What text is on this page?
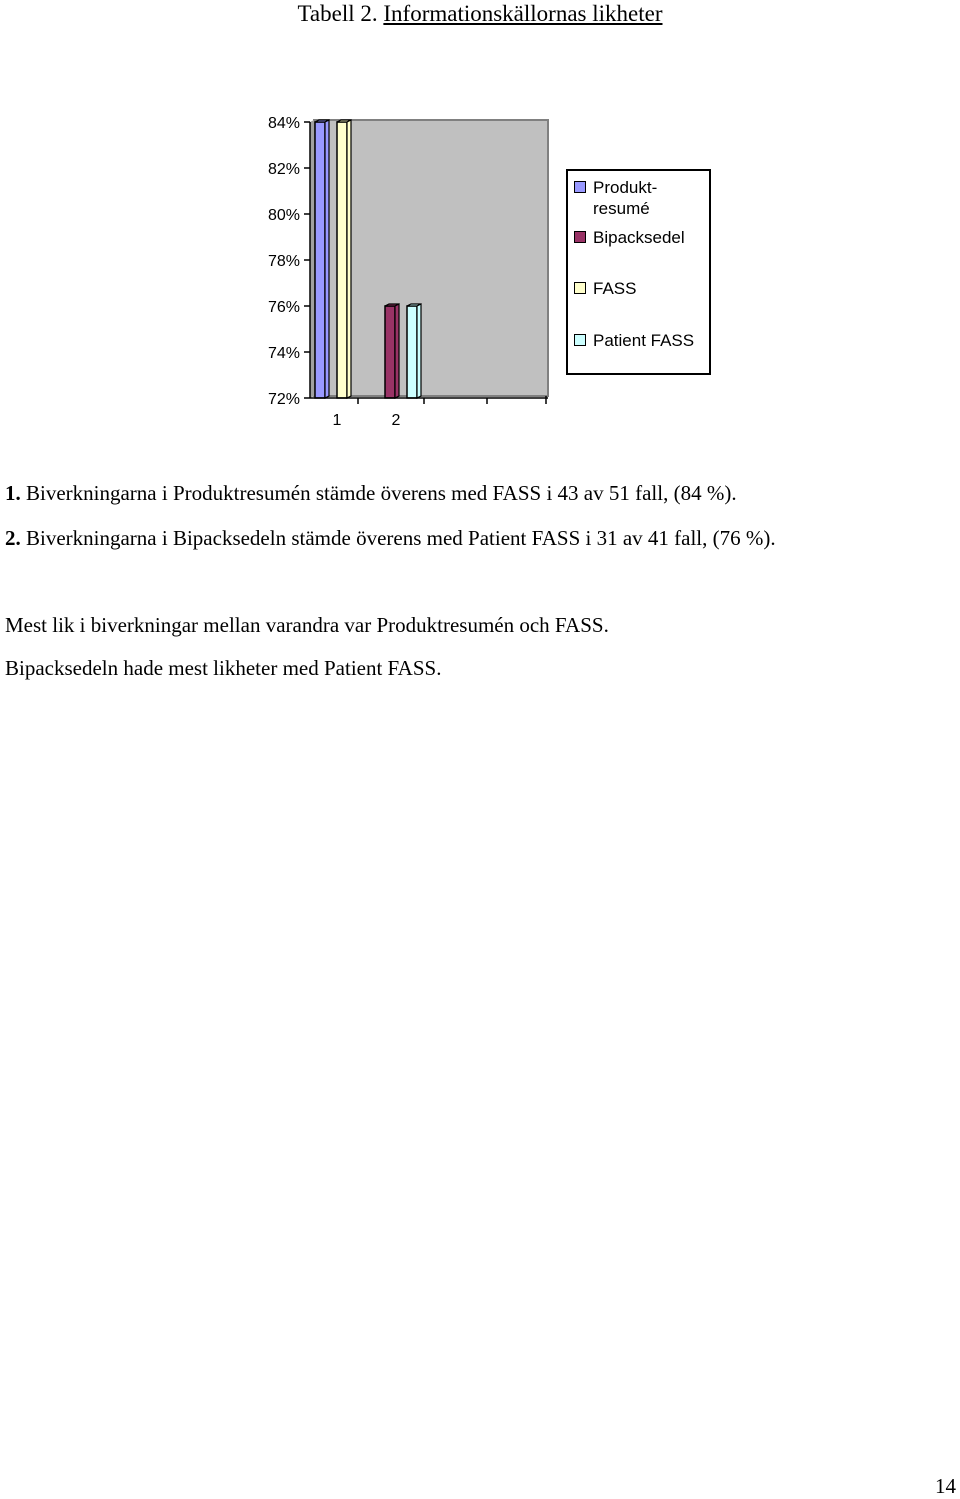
Tabell 2. Informationskällornas likheter
72%
74%
76%
78%
80%
82%
84%
1	2
Produkt-
resumé
Bipacksedel
FASS
Patient FASS
1. Biverkningarna i Produktresumén stämde överens med FASS i 43 av 51 fall, (84 %).
2. Biverkningarna i Bipacksedeln stämde överens med Patient FASS i 31 av 41 fall, (76 %).
Mest lik i biverkningar mellan varandra var Produktresumén och FASS.
Bipacksedeln hade mest likheter med Patient FASS.
14
